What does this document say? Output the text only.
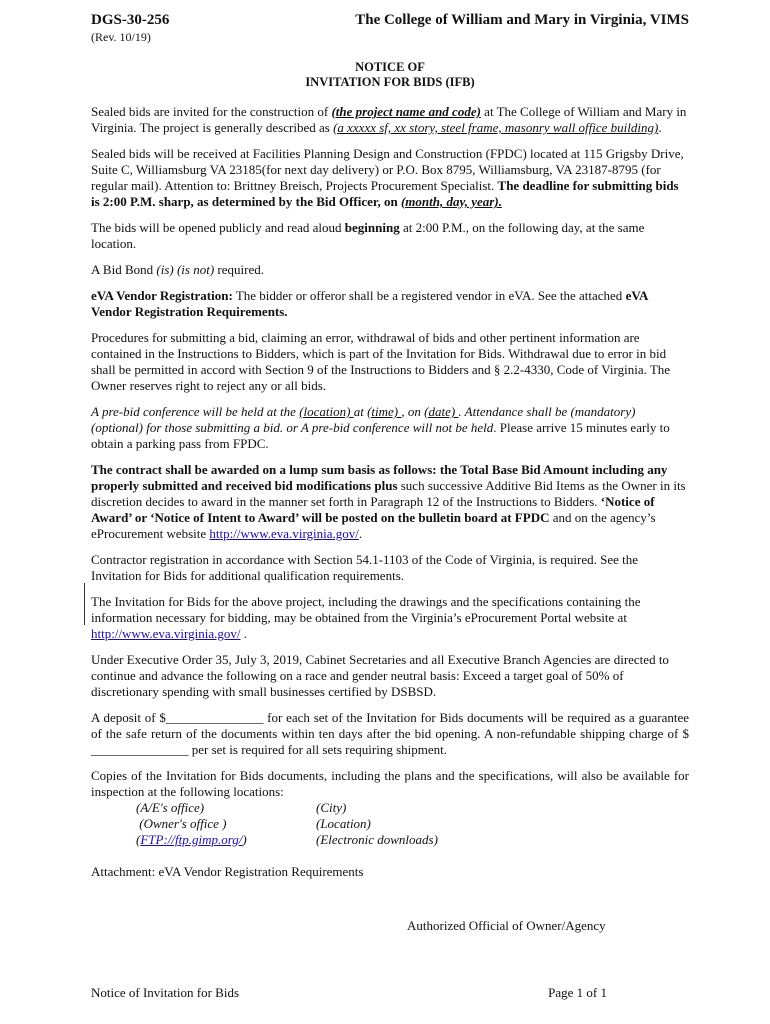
DGS-30-256	The College of William and Mary in Virginia, VIMS
(Rev. 10/19)
NOTICE OF
INVITATION FOR BIDS (IFB)

Sealed bids are invited for the construction of (the project name and code) at The College of William and Mary in Virginia. The project is generally described as (a xxxxx sf, xx story, steel frame, masonry wall office building).

Sealed bids will be received at Facilities Planning Design and Construction (FPDC) located at 115 Grigsby Drive, Suite C, Williamsburg VA 23185(for next day delivery) or P.O. Box 8795, Williamsburg, VA 23187-8795 (for regular mail). Attention to: Brittney Breisch, Projects Procurement Specialist. The deadline for submitting bids is 2:00 P.M. sharp, as determined by the Bid Officer, on (month, day, year).

The bids will be opened publicly and read aloud beginning at 2:00 P.M., on the following day, at the same location.

A Bid Bond (is) (is not) required.

eVA Vendor Registration: The bidder or offeror shall be a registered vendor in eVA. See the attached eVA Vendor Registration Requirements.

Procedures for submitting a bid, claiming an error, withdrawal of bids and other pertinent information are contained in the Instructions to Bidders, which is part of the Invitation for Bids. Withdrawal due to error in bid shall be permitted in accord with Section 9 of the Instructions to Bidders and § 2.2-4330, Code of Virginia. The Owner reserves right to reject any or all bids.

A pre-bid conference will be held at the (location) at (time) , on (date) . Attendance shall be (mandatory) (optional) for those submitting a bid. or A pre-bid conference will not be held. Please arrive 15 minutes early to obtain a parking pass from FPDC.

The contract shall be awarded on a lump sum basis as follows: the Total Base Bid Amount including any properly submitted and received bid modifications plus such successive Additive Bid Items as the Owner in its discretion decides to award in the manner set forth in Paragraph 12 of the Instructions to Bidders. ‘Notice of Award’ or ‘Notice of Intent to Award’ will be posted on the bulletin board at FPDC and on the agency’s eProcurement website http://www.eva.virginia.gov/.

Contractor registration in accordance with Section 54.1-1103 of the Code of Virginia, is required. See the Invitation for Bids for additional qualification requirements.

The Invitation for Bids for the above project, including the drawings and the specifications containing the information necessary for bidding, may be obtained from the Virginia’s eProcurement Portal website at http://www.eva.virginia.gov/ .

Under Executive Order 35, July 3, 2019, Cabinet Secretaries and all Executive Branch Agencies are directed to continue and advance the following on a race and gender neutral basis: Exceed a target goal of 50% of discretionary spending with small businesses certified by DSBSD.

A deposit of $_______________ for each set of the Invitation for Bids documents will be required as a guarantee of the safe return of the documents within ten days after the bid opening. A non-refundable shipping charge of $ _______________ per set is required for all sets requiring shipment.

Copies of the Invitation for Bids documents, including the plans and the specifications, will also be available for inspection at the following locations:

(A/E's office)	(City)
(Owner's office )	(Location)
(FTP://ftp.gimp.org/)	(Electronic downloads)

Attachment: eVA Vendor Registration Requirements

Authorized Official of Owner/Agency
Notice of Invitation for Bids	Page 1 of 1
